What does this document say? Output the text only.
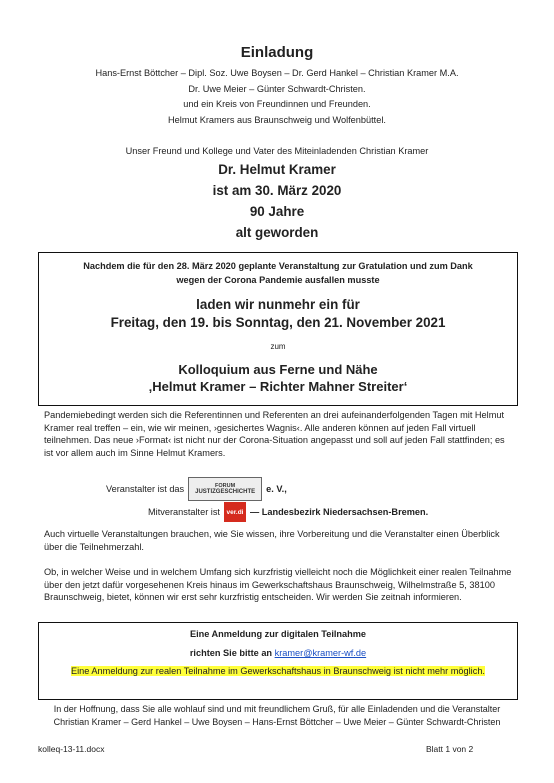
Einladung
Hans-Ernst Böttcher – Dipl. Soz. Uwe Boysen – Dr. Gerd Hankel – Christian Kramer M.A.
Dr. Uwe Meier – Günter Schwardt-Christen.
und ein Kreis von Freundinnen und Freunden.
Helmut Kramers aus Braunschweig und Wolfenbüttel.
Unser Freund und Kollege und Vater des Miteinladenden Christian Kramer
Dr. Helmut Kramer
ist am 30. März 2020
90 Jahre
alt geworden
Nachdem die für den 28. März 2020 geplante Veranstaltung zur Gratulation und zum Dank
wegen der Corona Pandemie ausfallen musste
laden wir nunmehr ein für
Freitag, den 19. bis Sonntag, den 21. November 2021
zum
Kolloquium aus Ferne und Nähe
‚Helmut Kramer – Richter Mahner Streiter‘
Pandemiebedingt werden sich die Referentinnen und Referenten an drei aufeinanderfolgenden Tagen mit Helmut Kramer real treffen – ein, wie wir meinen, ›gesichertes Wagnis‹. Alle anderen können auf jeden Fall virtuell teilnehmen. Das neue ›Format‹ ist nicht nur der Corona-Situation angepasst und soll auf jeden Fall stattfinden; es ist vor allem auch im Sinne Helmut Kramers.
Veranstalter ist das	FORUM
JUSTIZGESCHICHTE e. V.,
Mitveranstalter ist	ver.di — Landesbezirk Niedersachsen-Bremen.
Auch virtuelle Veranstaltungen brauchen, wie Sie wissen, ihre Vorbereitung und die Veranstalter einen Überblick über die Teilnehmerzahl.
Ob, in welcher Weise und in welchem Umfang sich kurzfristig vielleicht noch die Möglichkeit einer realen Teilnahme über den jetzt dafür vorgesehenen Kreis hinaus im Gewerkschaftshaus Braunschweig, Wilhelmstraße 5, 38100 Braunschweig, bietet, können wir erst sehr kurzfristig entscheiden. Wir werden Sie zeitnah informieren.
Eine Anmeldung zur digitalen Teilnahme
richten Sie bitte an kramer@kramer-wf.de
Eine Anmeldung zur realen Teilnahme im Gewerkschaftshaus in Braunschweig ist nicht mehr möglich.
In der Hoffnung, dass Sie alle wohlauf sind und mit freundlichem Gruß, für alle Einladenden und die Veranstalter
Christian Kramer – Gerd Hankel – Uwe Boysen – Hans-Ernst Böttcher – Uwe Meier – Günter Schwardt-Christen
kolleq-13-11.docx	Blatt 1 von 2
